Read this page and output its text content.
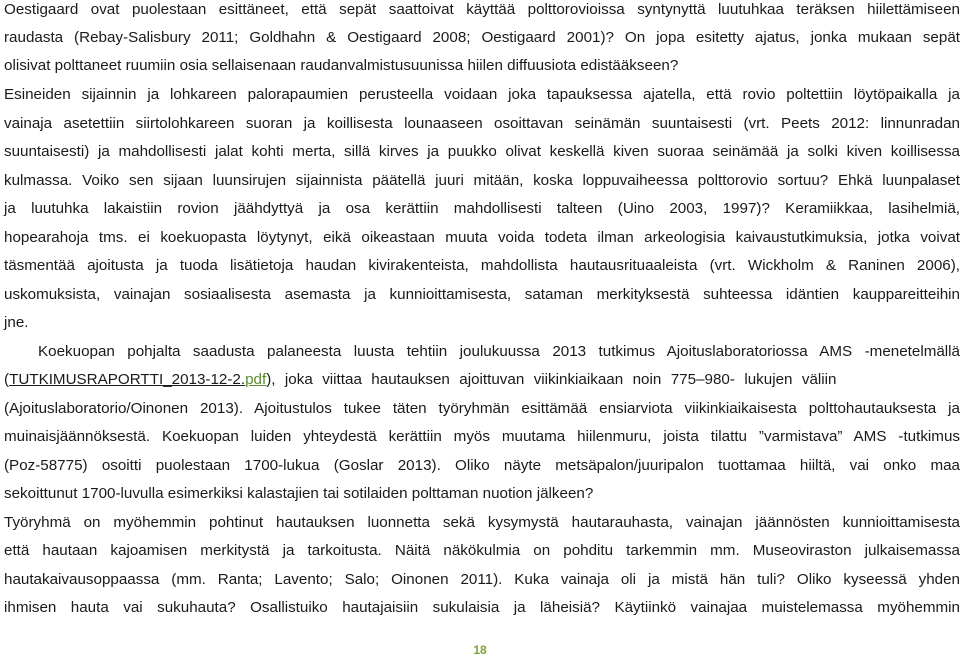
Oestigaard ovat puolestaan esittäneet, että sepät saattoivat käyttää polttorovioissa syntynyttä luutuhkaa teräksen hiilettämiseen
raudasta (Rebay-Salisbury 2011; Goldhahn & Oestigaard 2008; Oestigaard 2001)? On jopa esitetty ajatus, jonka mukaan sepät
olisivat polttaneet ruumiin osia sellaisenaan raudanvalmistusuunissa hiilen diffuusiota edistääkseen?
Esineiden sijainnin ja lohkareen palorapaumien perusteella voidaan joka tapauksessa ajatella, että rovio poltettiin löytöpaikalla ja
vainaja asetettiin siirtolohkareen suoran ja koillisesta lounaaseen osoittavan seinämän suuntaisesti (vrt. Peets 2012: linnunradan
suuntaisesti) ja mahdollisesti jalat kohti merta, sillä kirves ja puukko olivat keskellä kiven suoraa seinämää ja solki kiven koillisessa
kulmassa. Voiko sen sijaan luunsirujen sijainnista päätellä juuri mitään, koska loppuvaiheessa polttorovio sortuu? Ehkä luunpalaset
ja luutuhka lakaistiin rovion jäähdyttyä ja osa kerättiin mahdollisesti talteen (Uino 2003, 1997)? Keramiikkaa, lasihelmiä,
hopearahoja tms. ei koekuopasta löytynyt, eikä oikeastaan muuta voida todeta ilman arkeologisia kaivaustutkimuksia, jotka voivat
täsmentää ajoitusta ja tuoda lisätietoja haudan kivirakenteista, mahdollista hautausrituaaleista (vrt. Wickholm & Raninen 2006),
uskomuksista, vainajan sosiaalisesta asemasta ja kunnioittamisesta, sataman merkityksestä suhteessa idäntien kauppareitteihin
jne.
Koekuopan pohjalta saadusta palaneesta luusta tehtiin joulukuussa 2013 tutkimus Ajoituslaboratoriossa AMS -menetelmällä
(TUTKIMUSRAPORTTI_2013-12-2.pdf), joka viittaa hautauksen ajoittuvan viikinkiaikaan noin 775–980- lukujen väliin
(Ajoituslaboratorio/Oinonen 2013). Ajoitustulos tukee täten työryhmän esittämää ensiarviota viikinkiaikaisesta polttohautauksesta ja
muinaisjäännöksestä. Koekuopan luiden yhteydestä kerättiin myös muutama hiilenmuru, joista tilattu ”varmistava” AMS -tutkimus
(Poz-58775) osoitti puolestaan 1700-lukua (Goslar 2013). Oliko näyte metsäpalon/juuripalon tuottamaa hiiltä, vai onko maa
sekoittunut 1700-luvulla esimerkiksi kalastajien tai sotilaiden polttaman nuotion jälkeen?
Työryhmä on myöhemmin pohtinut hautauksen luonnetta sekä kysymystä hautarauhasta, vainajan jäännösten kunnioittamisesta
että hautaan kajoamisen merkitystä ja tarkoitusta. Näitä näkökulmia on pohditu tarkemmin mm. Museoviraston julkaisemassa
hautakaivausoppaassa (mm. Ranta; Lavento; Salo; Oinonen 2011). Kuka vainaja oli ja mistä hän tuli? Oliko kyseessä yhden
ihmisen hauta vai sukuhauta? Osallistuiko hautajaisiin sukulaisia ja läheisiä? Käytiinkö vainajaa muistelemassa myöhemmin
18
